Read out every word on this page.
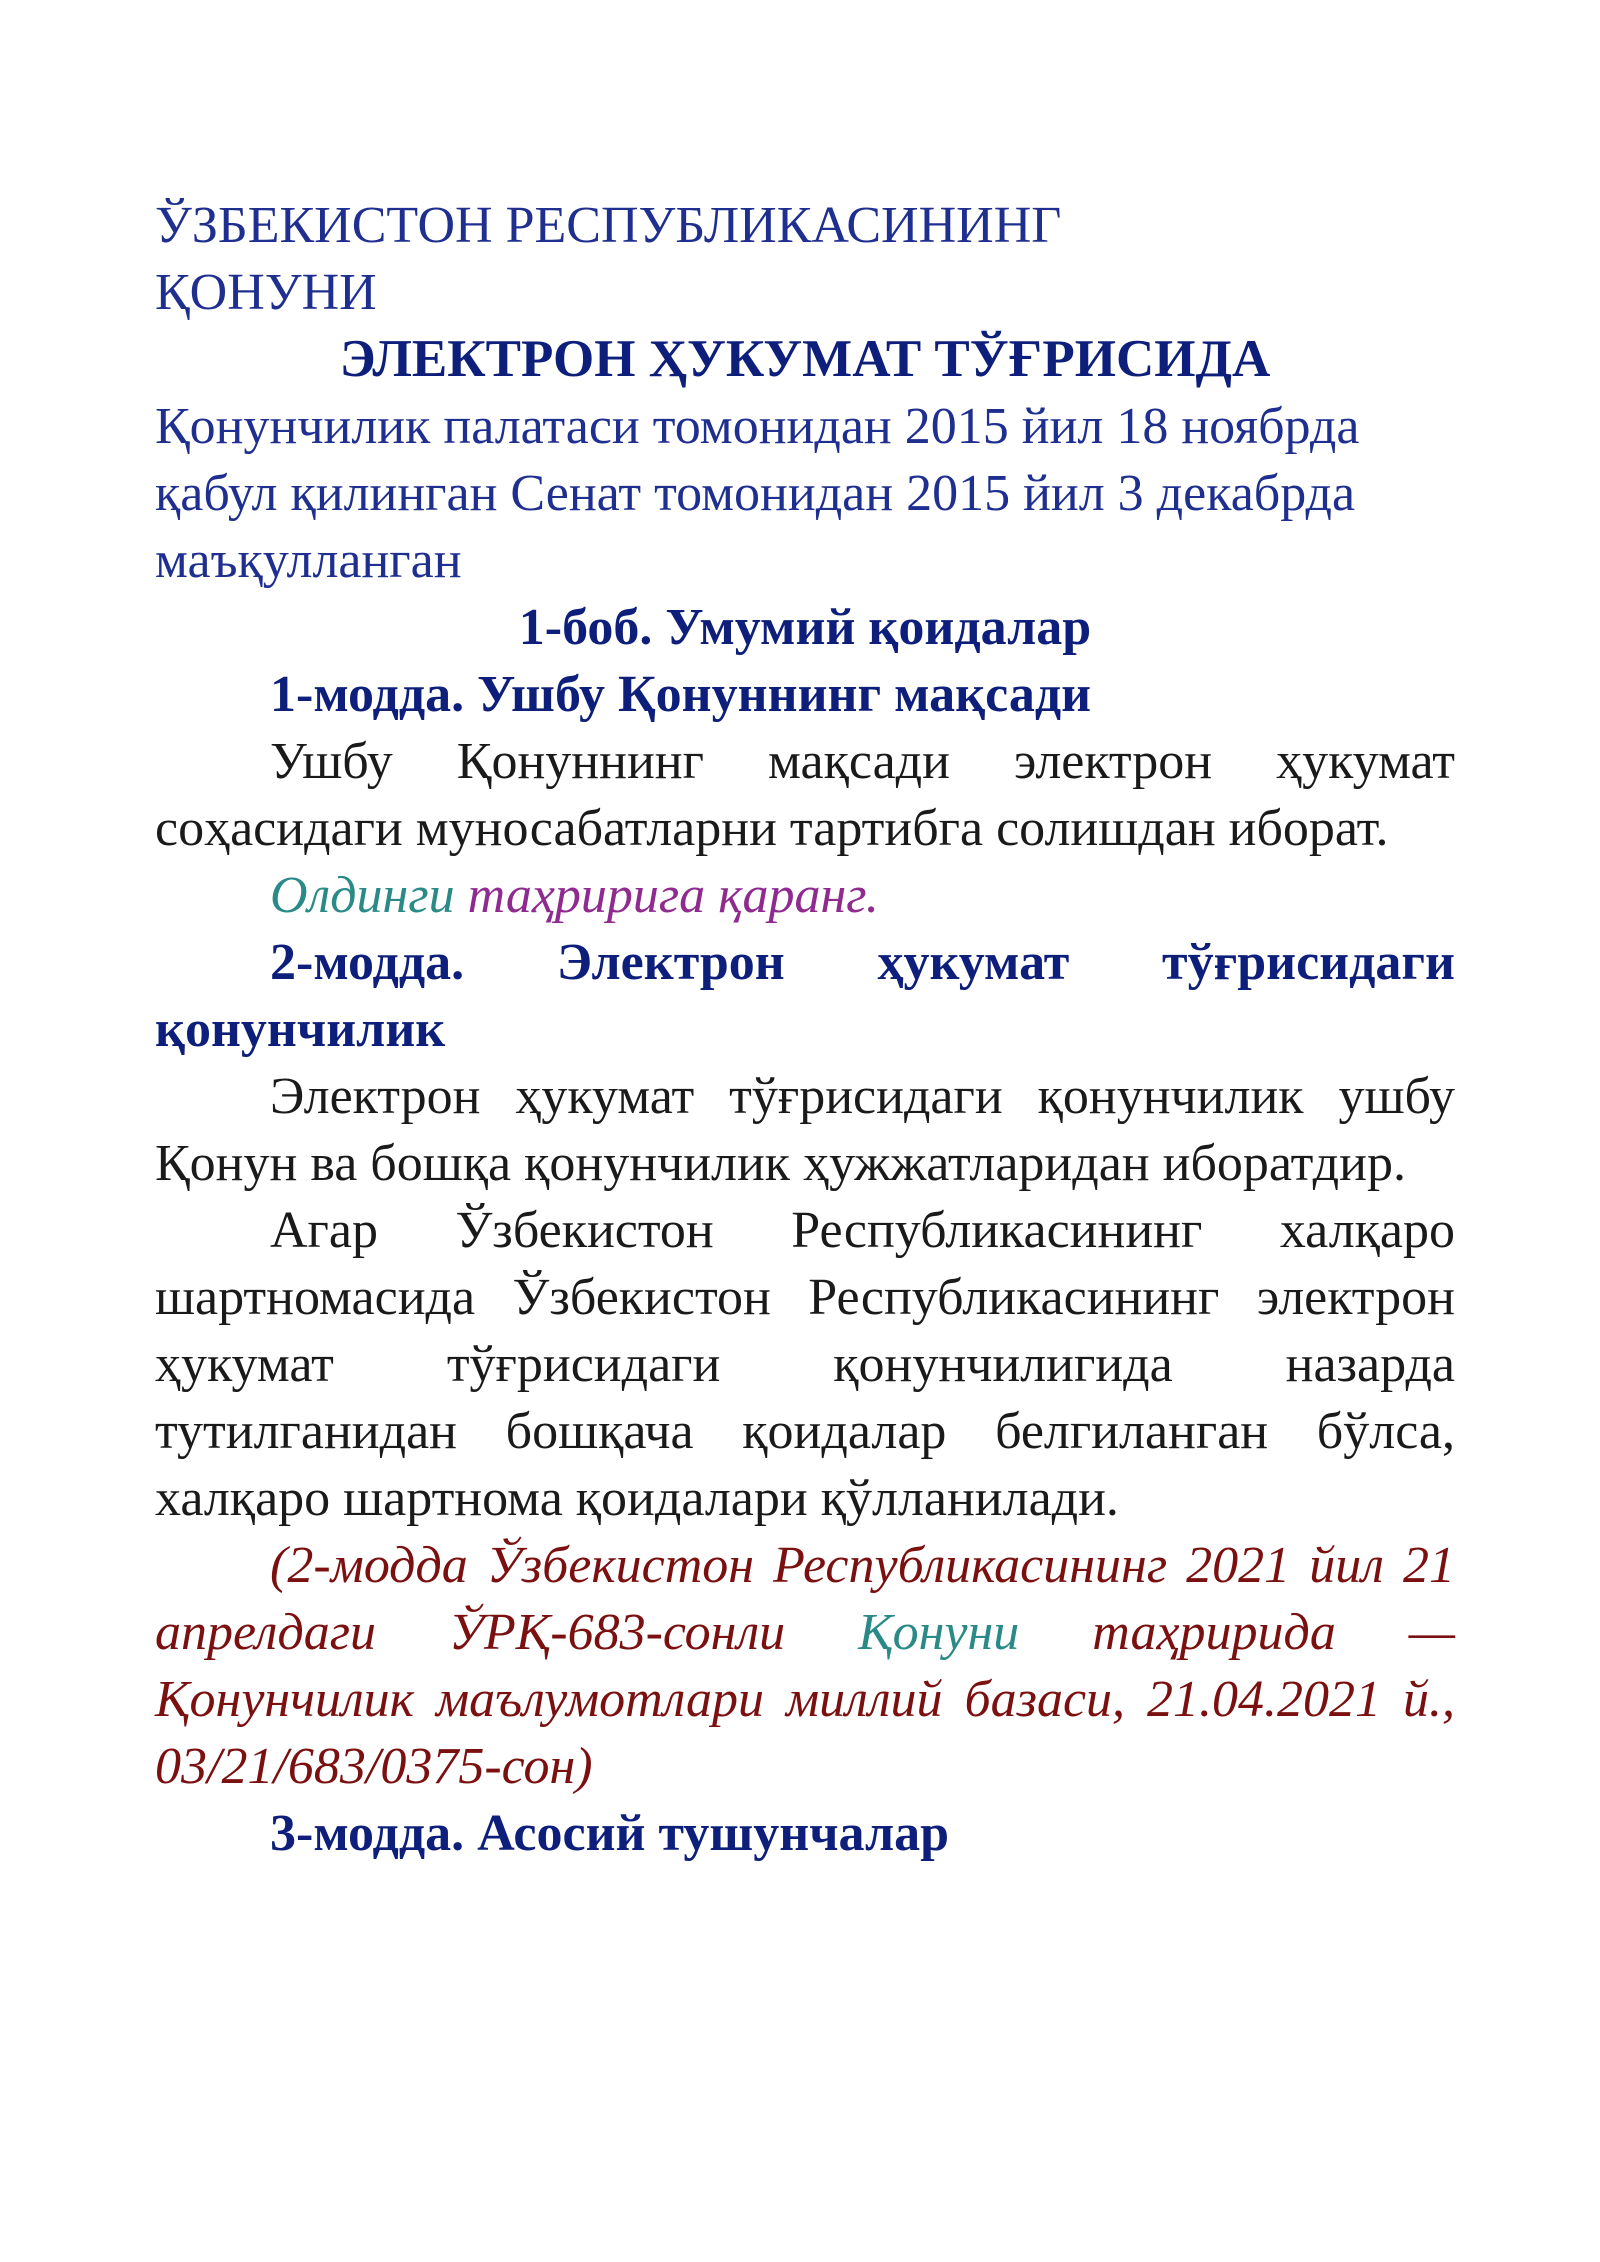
ЎЗБЕКИСТОН РЕСПУБЛИКАСИНИНГ ҚОНУНИ

ЭЛЕКТРОН ҲУКУМАТ ТЎҒРИСИДА

Қонунчилик палатаси томонидан 2015 йил 18 ноябрда қабул қилинган Сенат томонидан 2015 йил 3 декабрда маъқулланган

1-боб. Умумий қоидалар

1-модда. Ушбу Қонуннинг мақсади

Ушбу Қонуннинг мақсади электрон ҳукумат соҳасидаги муносабатларни тартибга солишдан иборат.

Олдинги таҳририга қаранг.

2-модда. Электрон ҳукумат тўғрисидаги қонунчилик

Электрон ҳукумат тўғрисидаги қонунчилик ушбу Қонун ва бошқа қонунчилик ҳужжатларидан иборатдир.

Агар Ўзбекистон Республикасининг халқаро шартномасида Ўзбекистон Республикасининг электрон ҳукумат тўғрисидаги қонунчилигида назарда тутилганидан бошқача қоидалар белгиланган бўлса, халқаро шартнома қоидалари қўлланилади.

(2-модда Ўзбекистон Республикасининг 2021 йил 21 апрелдаги ЎРҚ-683-сонли Қонуни таҳририда — Қонунчилик маълумотлари миллий базаси, 21.04.2021 й., 03/21/683/0375-сон)

3-модда. Асосий тушунчалар
